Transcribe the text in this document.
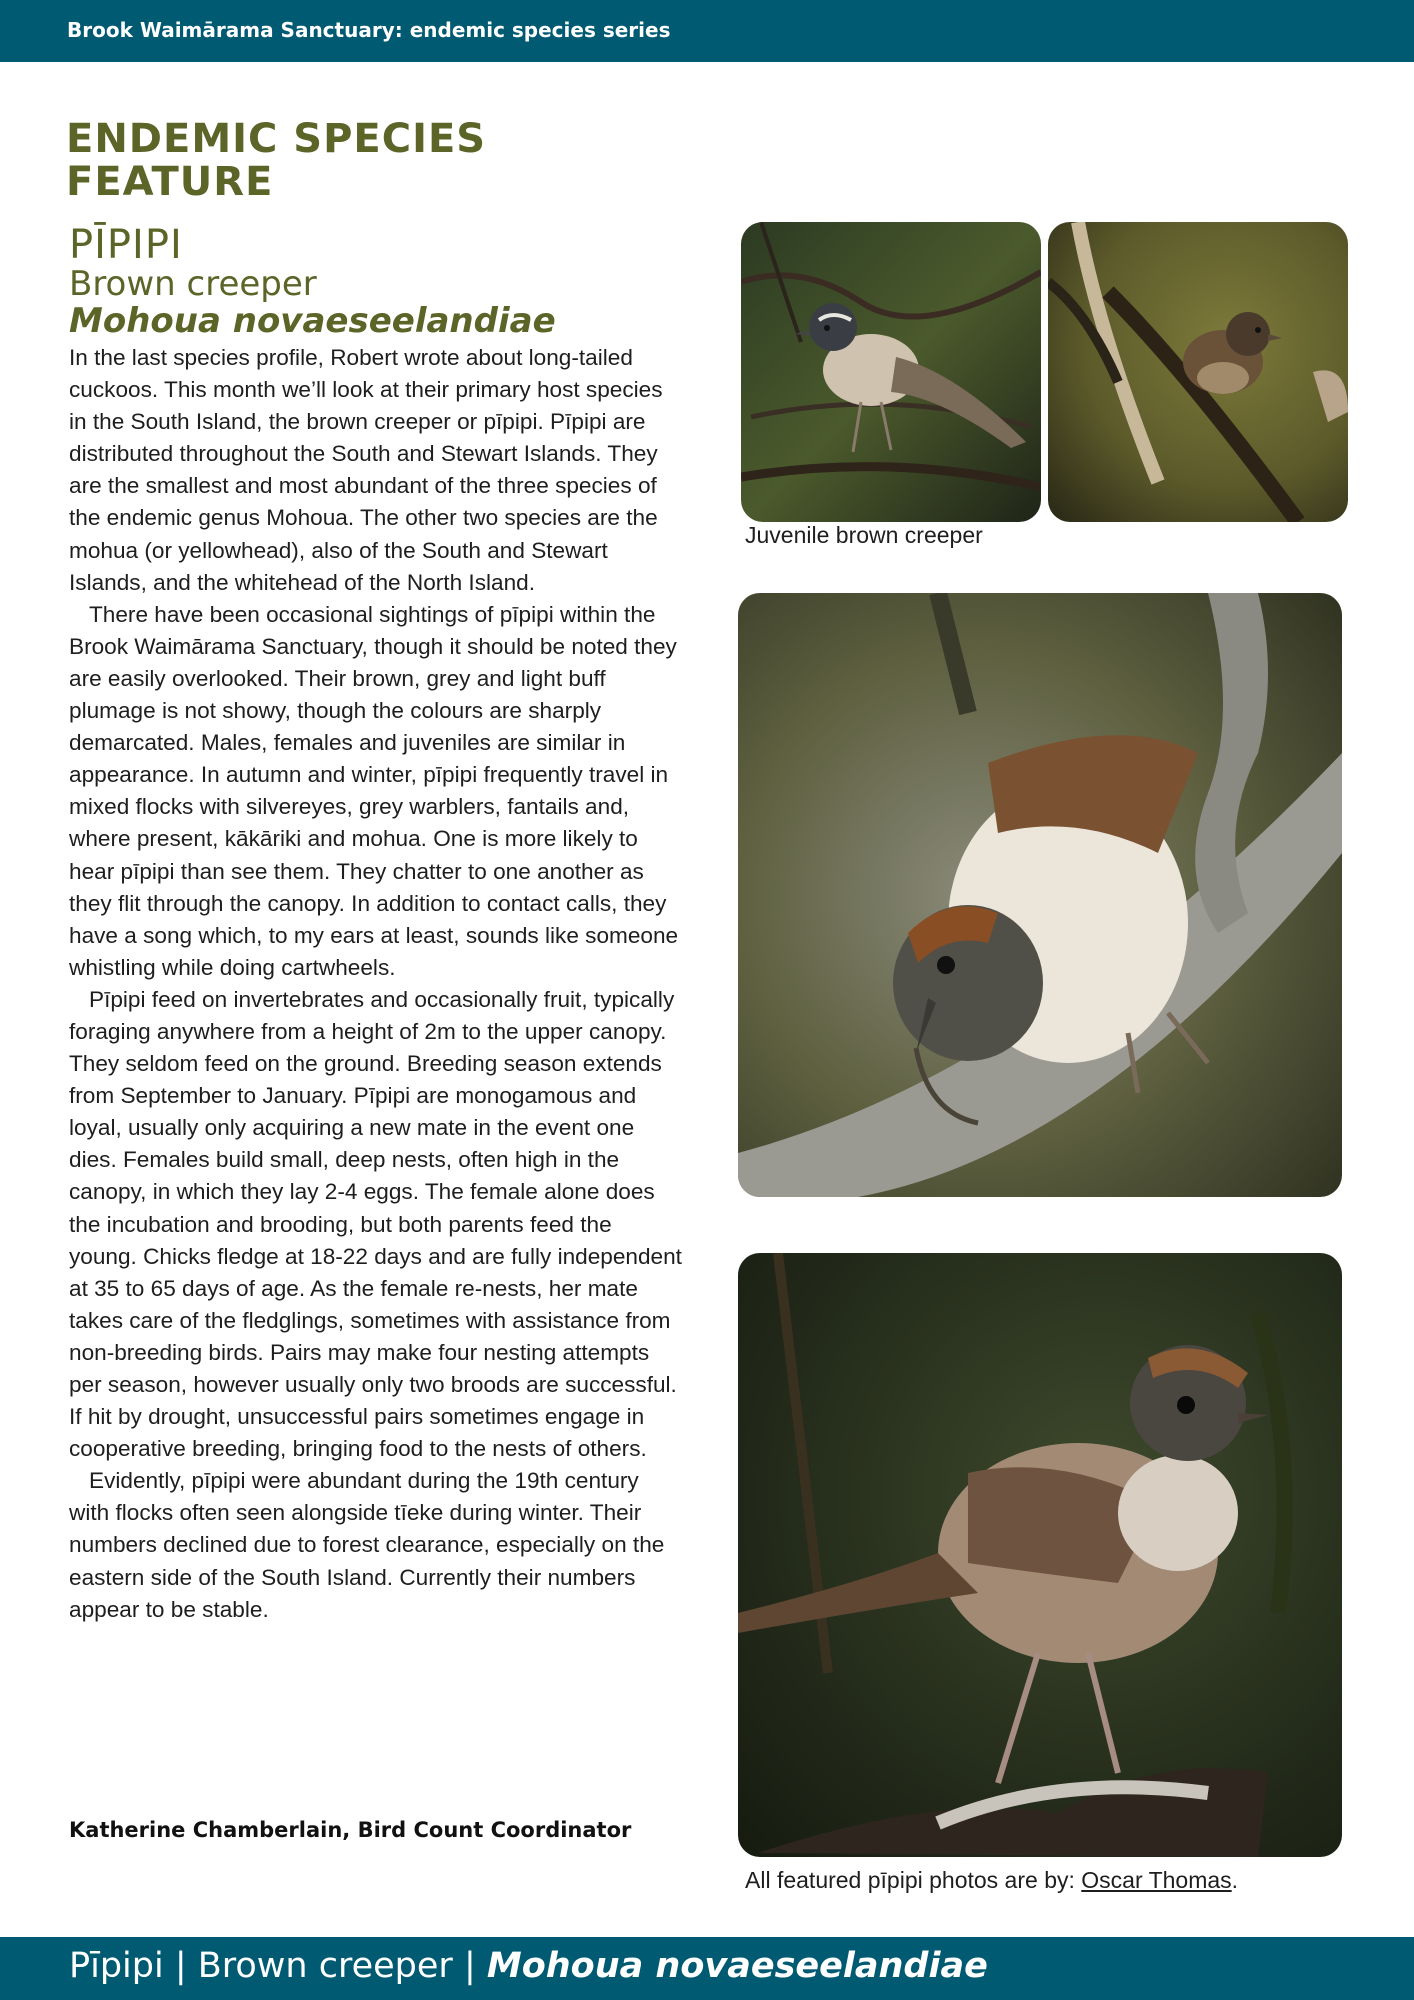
Brook Waimārama Sanctuary: endemic species series
ENDEMIC SPECIES FEATURE
PĪPIPI
Brown creeper
Mohoua novaeseelandiae

In the last species profile, Robert wrote about long-tailed cuckoos. This month we’ll look at their primary host species in the South Island, the brown creeper or pīpipi. Pīpipi are distributed throughout the South and Stewart Islands. They are the smallest and most abundant of the three species of the endemic genus Mohoua. The other two species are the mohua (or yellowhead), also of the South and Stewart Islands, and the whitehead of the North Island.

There have been occasional sightings of pīpipi within the Brook Waimārama Sanctuary, though it should be noted they are easily overlooked. Their brown, grey and light buff plumage is not showy, though the colours are sharply demarcated. Males, females and juveniles are similar in appearance. In autumn and winter, pīpipi frequently travel in mixed flocks with silvereyes, grey warblers, fantails and, where present, kākāriki and mohua. One is more likely to hear pīpipi than see them. They chatter to one another as they flit through the canopy. In addition to contact calls, they have a song which, to my ears at least, sounds like someone whistling while doing cartwheels.

Pīpipi feed on invertebrates and occasionally fruit, typically foraging anywhere from a height of 2m to the upper canopy. They seldom feed on the ground. Breeding season extends from September to January. Pīpipi are monogamous and loyal, usually only acquiring a new mate in the event one dies. Females build small, deep nests, often high in the canopy, in which they lay 2-4 eggs. The female alone does the incubation and brooding, but both parents feed the young. Chicks fledge at 18-22 days and are fully independent at 35 to 65 days of age. As the female re-nests, her mate takes care of the fledglings, sometimes with assistance from non-breeding birds. Pairs may make four nesting attempts per season, however usually only two broods are successful. If hit by drought, unsuccessful pairs sometimes engage in cooperative breeding, bringing food to the nests of others.

Evidently, pīpipi were abundant during the 19th century with flocks often seen alongside tīeke during winter. Their numbers declined due to forest clearance, especially on the eastern side of the South Island. Currently their numbers appear to be stable.

Katherine Chamberlain, Bird Count Coordinator
Juvenile brown creeper
All featured pīpipi photos are by: Oscar Thomas.
Pīpipi | Brown creeper | Mohoua novaeseelandiae
